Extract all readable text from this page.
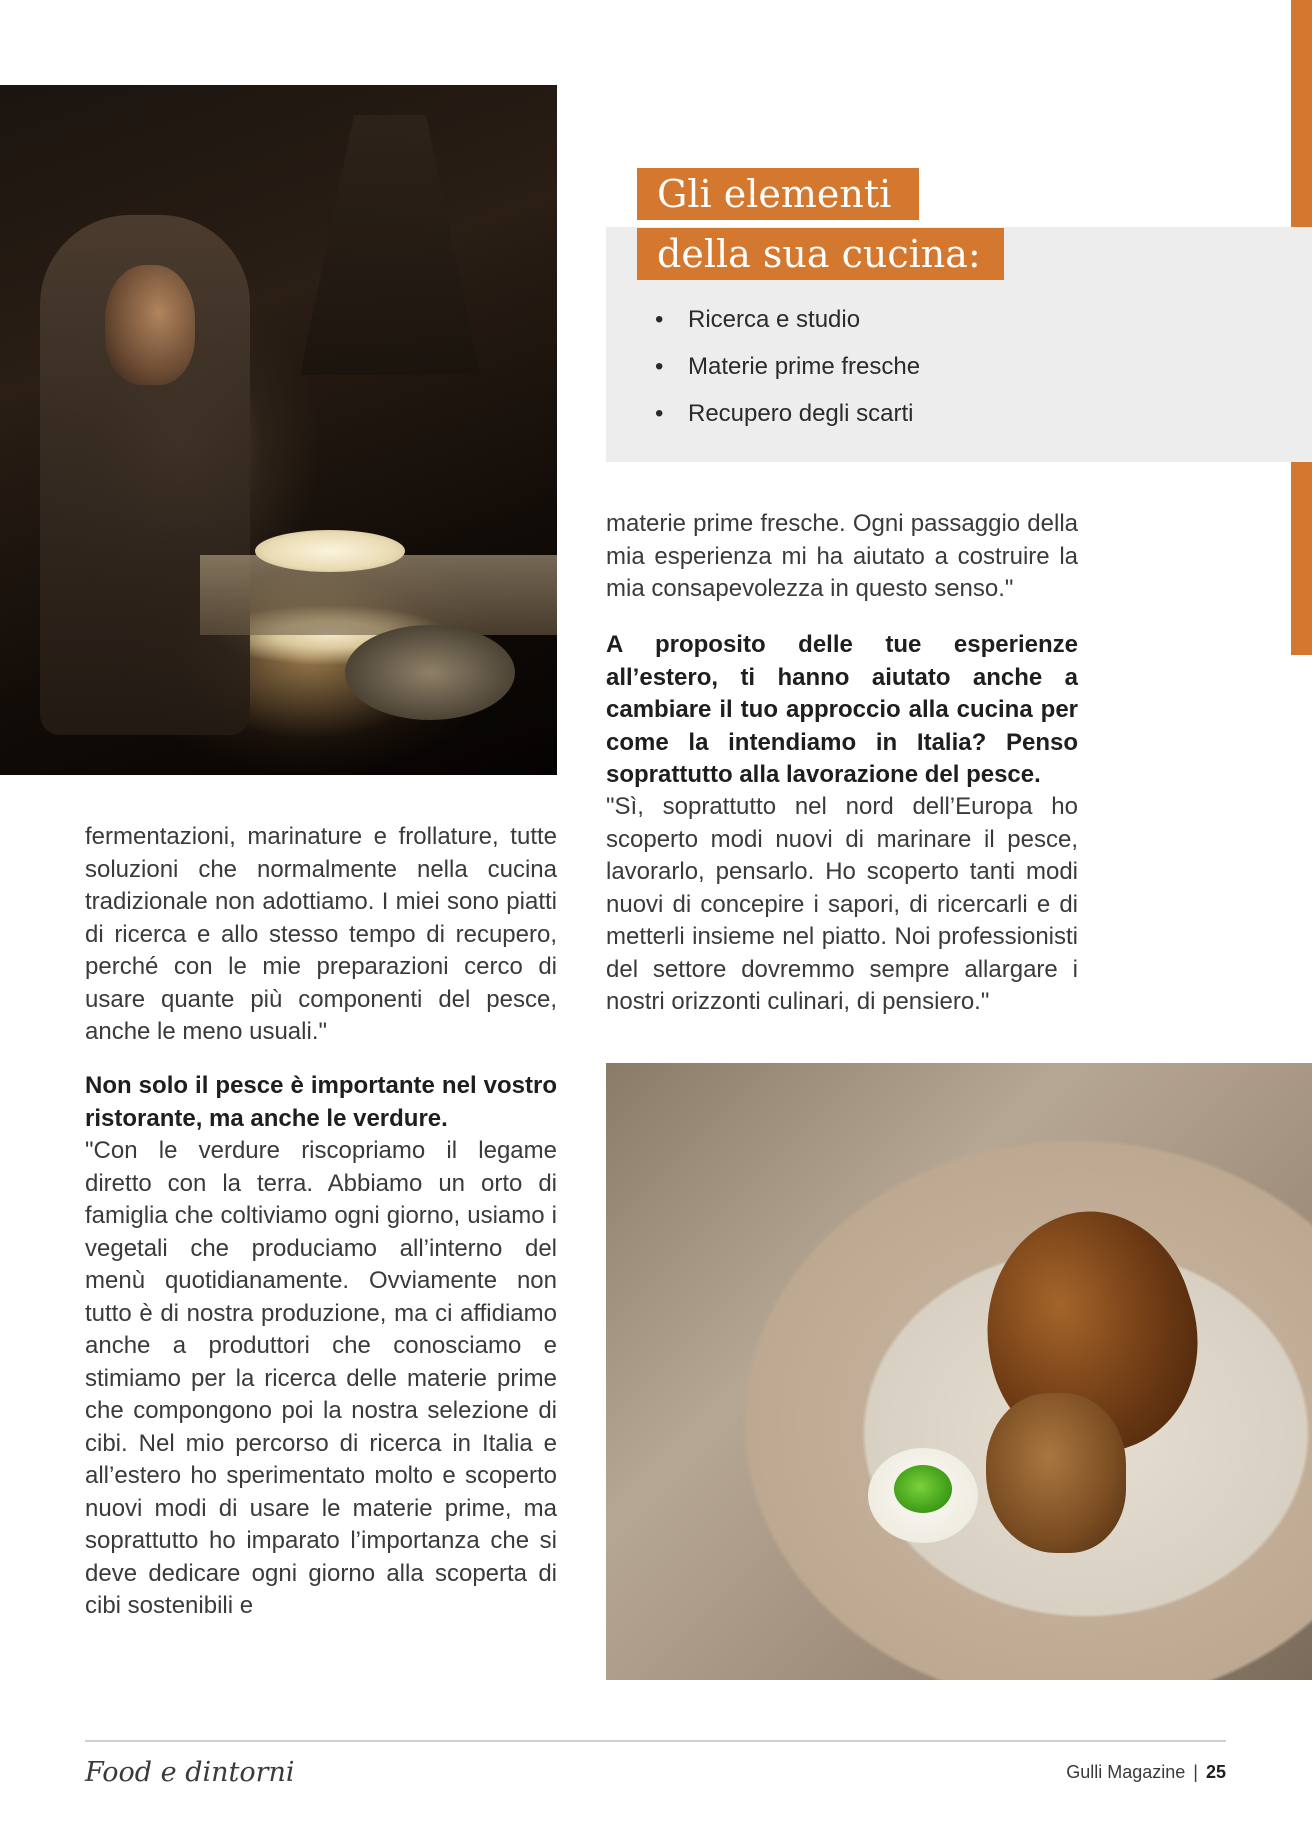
Gli elementi
della sua cucina:
• Ricerca e studio
• Materie prime fresche
• Recupero degli scarti

materie prime fresche. Ogni passaggio della mia esperienza mi ha aiutato a costruire la mia consapevolezza in questo senso."

A proposito delle tue esperienze all’estero, ti hanno aiutato anche a cambiare il tuo approccio alla cucina per come la intendiamo in Italia? Penso soprattutto alla lavorazione del pesce.

"Sì, soprattutto nel nord dell’Europa ho scoperto modi nuovi di marinare il pesce, lavorarlo, pensarlo. Ho scoperto tanti modi nuovi di concepire i sapori, di ricercarli e di metterli insieme nel piatto. Noi professionisti del settore dovremmo sempre allargare i nostri orizzonti culinari, di pensiero."

fermentazioni, marinature e frollature, tutte soluzioni che normalmente nella cucina tradizionale non adottiamo. I miei sono piatti di ricerca e allo stesso tempo di recupero, perché con le mie preparazioni cerco di usare quante più componenti del pesce, anche le meno usuali."

Non solo il pesce è importante nel vostro ristorante, ma anche le verdure.

"Con le verdure riscopriamo il legame diretto con la terra. Abbiamo un orto di famiglia che coltiviamo ogni giorno, usiamo i vegetali che produciamo all’interno del menù quotidianamente. Ovviamente non tutto è di nostra produzione, ma ci affidiamo anche a produttori che conosciamo e stimiamo per la ricerca delle materie prime che compongono poi la nostra selezione di cibi. Nel mio percorso di ricerca in Italia e all’estero ho sperimentato molto e scoperto nuovi modi di usare le materie prime, ma soprattutto ho imparato l’importanza che si deve dedicare ogni giorno alla scoperta di cibi sostenibili e

Food e dintorni	Gulli Magazine | 25
